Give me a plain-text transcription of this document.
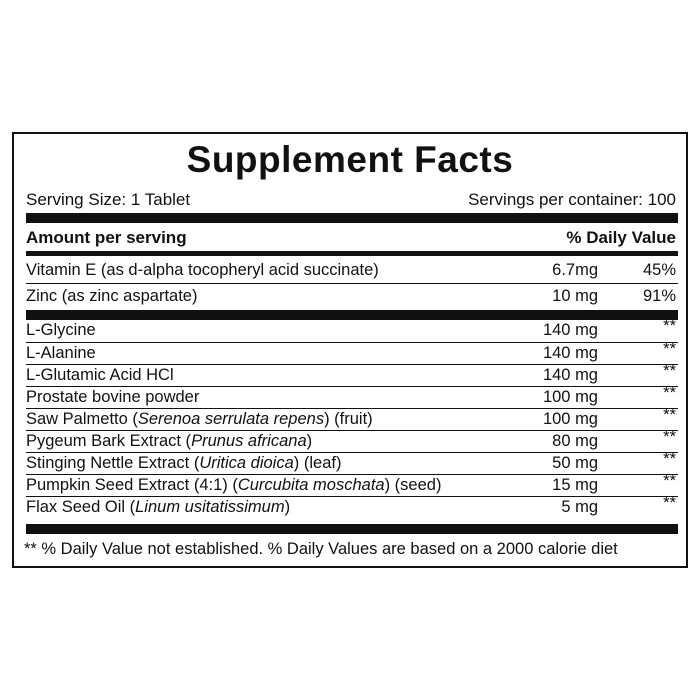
Supplement Facts
Serving Size: 1 Tablet	Servings per container: 100
Amount per serving	% Daily Value
Vitamin E (as d-alpha tocopheryl acid succinate)	6.7mg	45%
Zinc (as zinc aspartate)	10 mg	91%
L-Glycine	140 mg	**
L-Alanine	140 mg	**
L-Glutamic Acid HCl	140 mg	**
Prostate bovine powder	100 mg	**
Saw Palmetto (Serenoa serrulata repens) (fruit)	100 mg	**
Pygeum Bark Extract (Prunus africana)	80 mg	**
Stinging Nettle Extract (Uritica dioica) (leaf)	50 mg	**
Pumpkin Seed Extract (4:1) (Curcubita moschata) (seed)	15 mg	**
Flax Seed Oil (Linum usitatissimum)	5 mg	**
** % Daily Value not established. % Daily Values are based on a 2000 calorie diet
